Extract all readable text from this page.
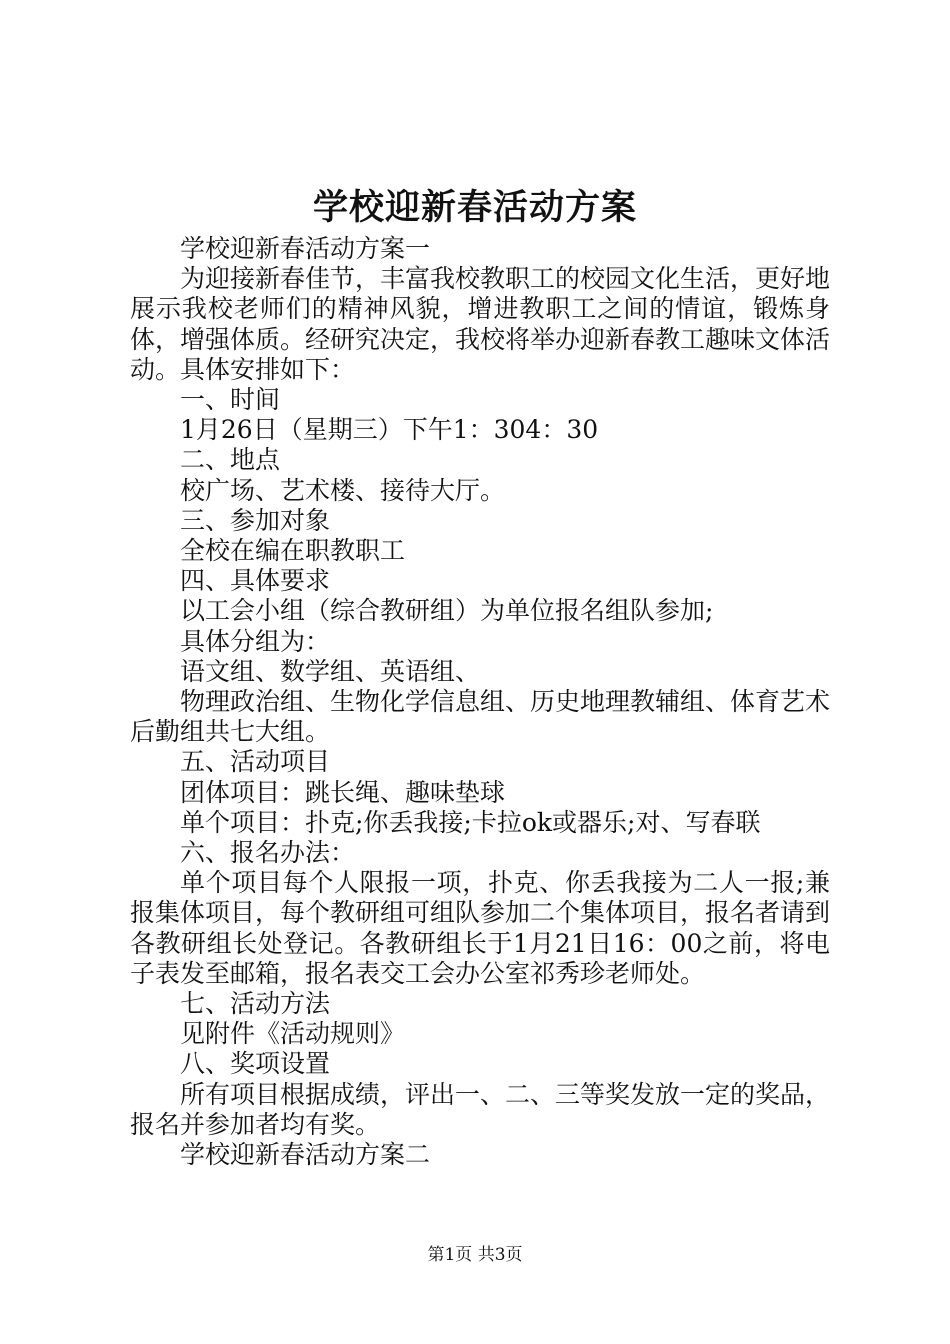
学校迎新春活动方案

学校迎新春活动方案一

为迎接新春佳节，丰富我校教职工的校园文化生活，更好地展示我校老师们的精神风貌，增进教职工之间的情谊，锻炼身体，增强体质。经研究决定，我校将举办迎新春教工趣味文体活动。具体安排如下：

一、时间

1月26日（星期三）下午1：304：30

二、地点

校广场、艺术楼、接待大厅。

三、参加对象

全校在编在职教职工

四、具体要求

以工会小组（综合教研组）为单位报名组队参加;

具体分组为：

语文组、数学组、英语组、

物理政治组、生物化学信息组、历史地理教辅组、体育艺术后勤组共七大组。

五、活动项目

团体项目：跳长绳、趣味垫球

单个项目：扑克;你丢我接;卡拉ok或器乐;对、写春联

六、报名办法：

单个项目每个人限报一项，扑克、你丢我接为二人一报;兼报集体项目，每个教研组可组队参加二个集体项目，报名者请到各教研组长处登记。各教研组长于1月21日16：00之前，将电子表发至邮箱，报名表交工会办公室祁秀珍老师处。

七、活动方法

见附件《活动规则》

八、奖项设置

所有项目根据成绩，评出一、二、三等奖发放一定的奖品，报名并参加者均有奖。

学校迎新春活动方案二

第1页 共3页
